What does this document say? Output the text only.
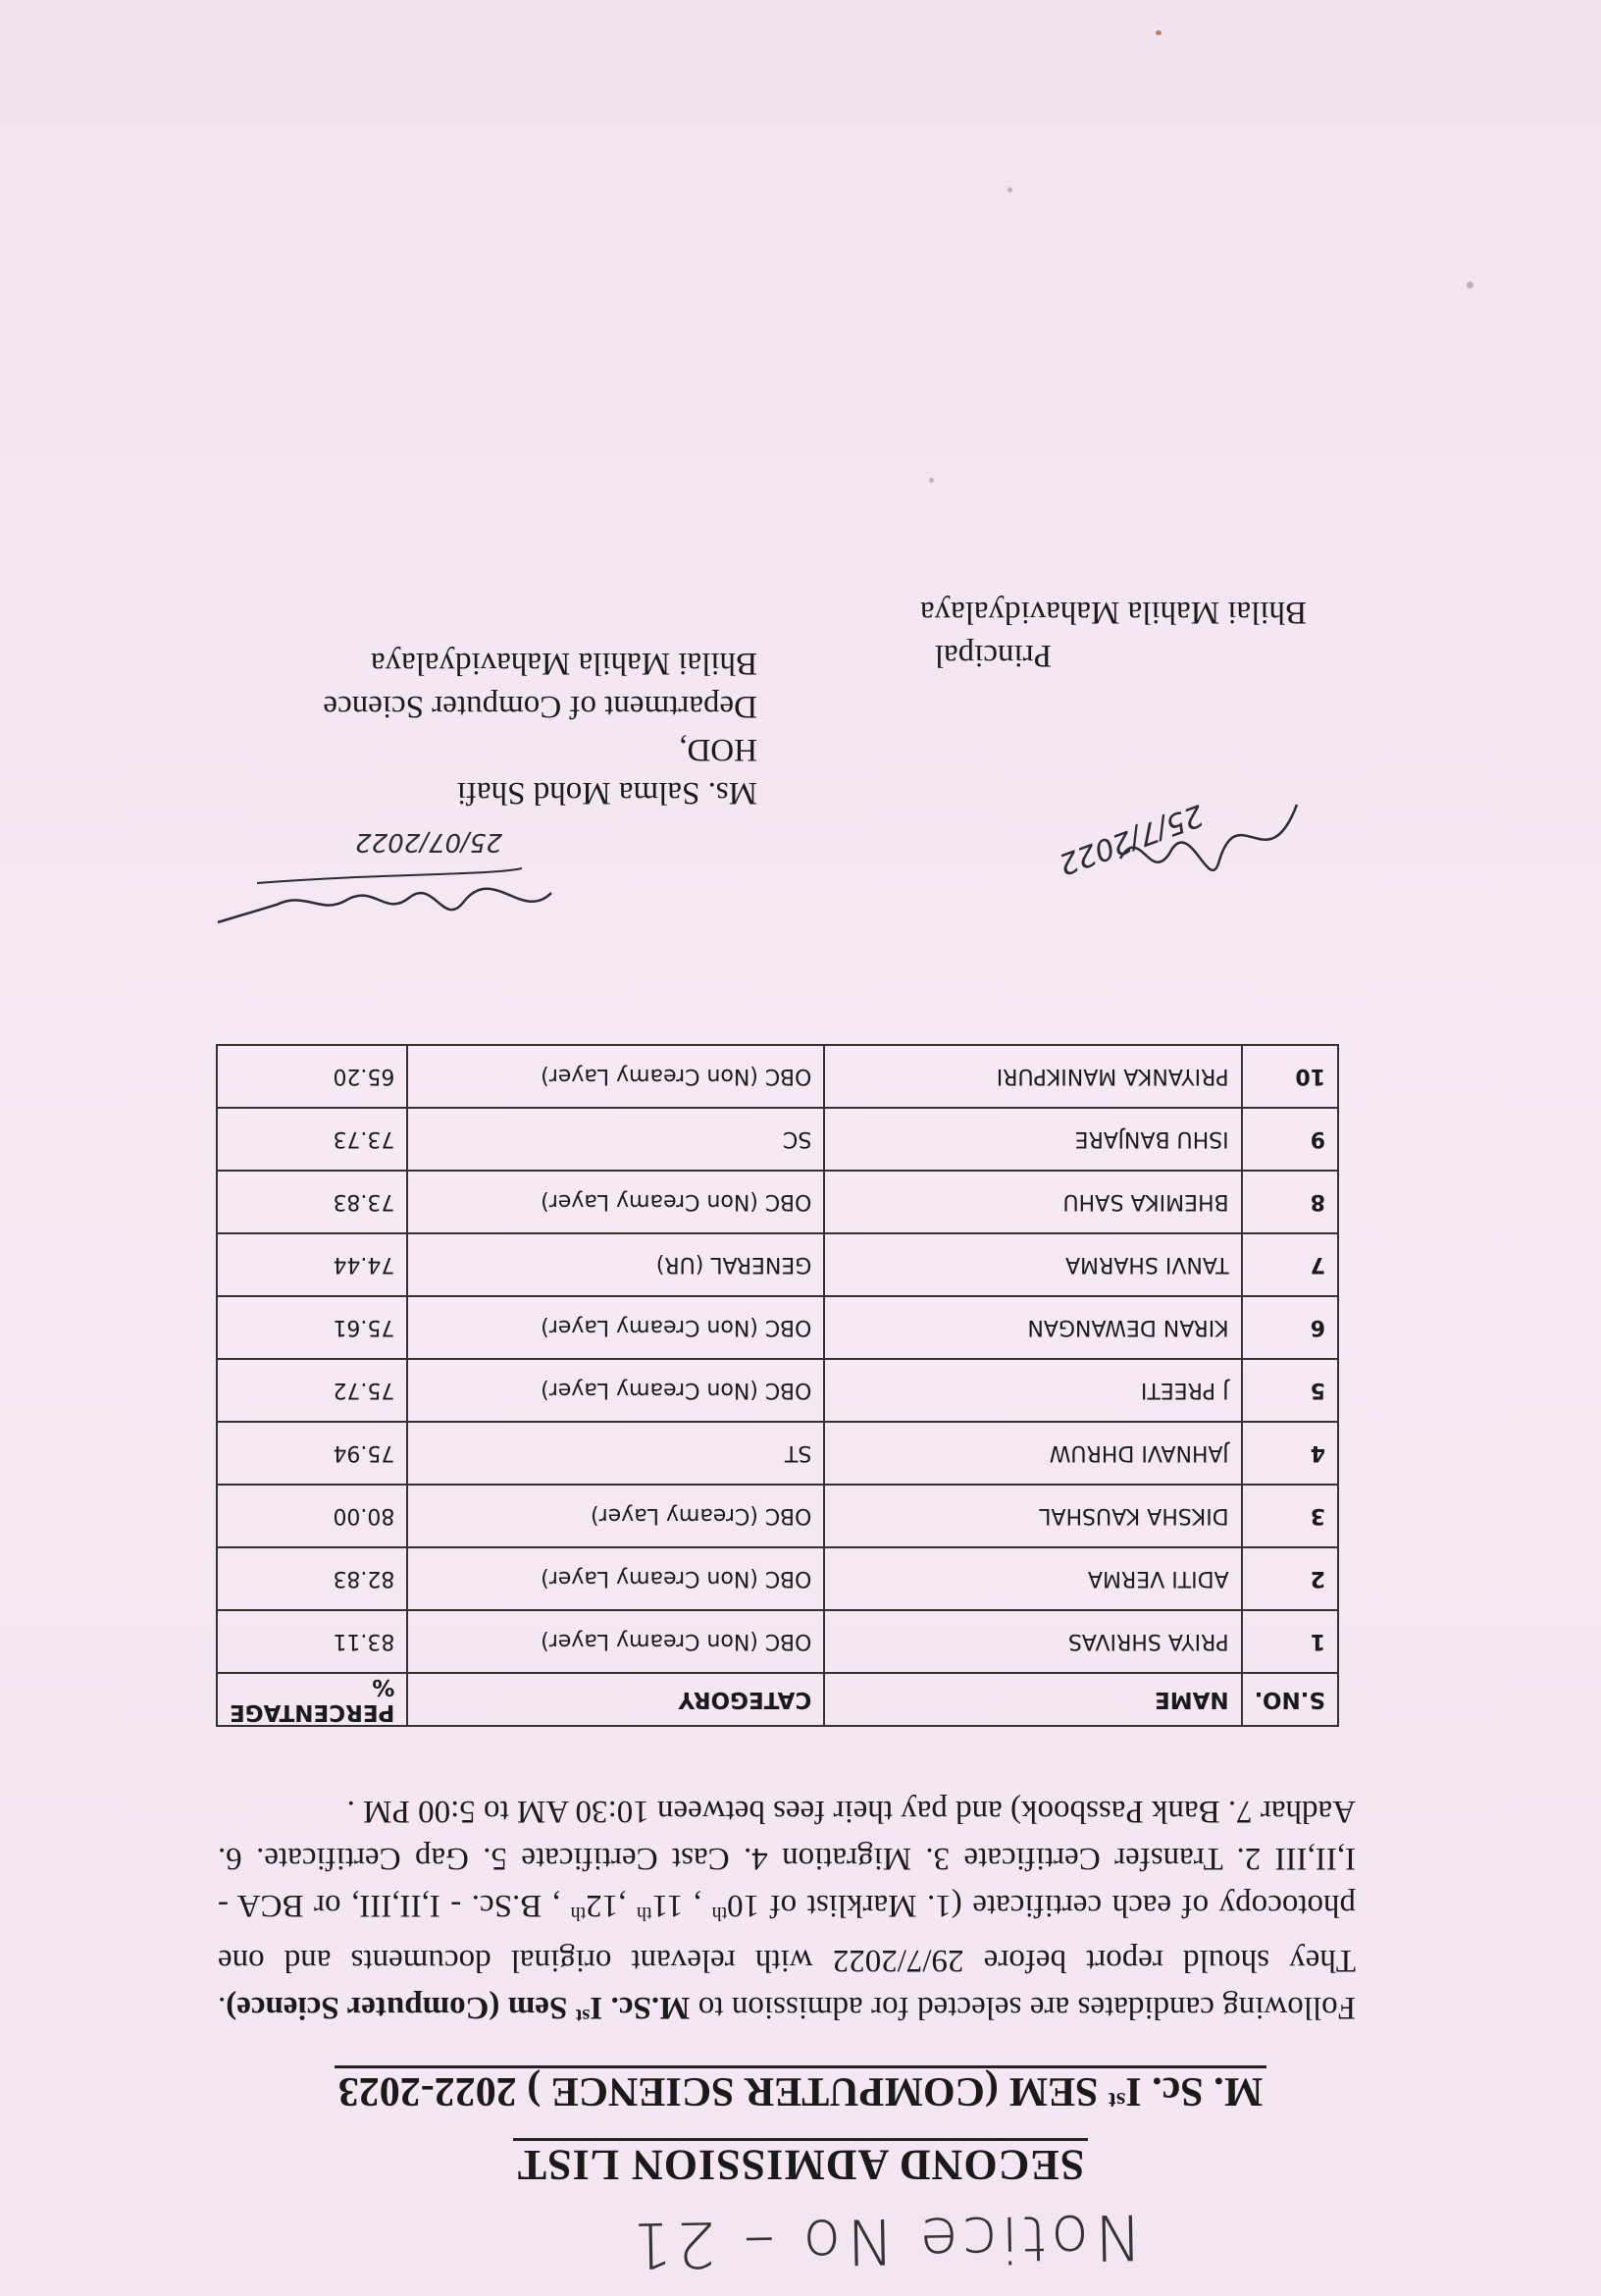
Notice No – 21
SECOND ADMISSION LIST
M. Sc. Ist SEM (COMPUTER SCIENCE ) 2022-2023
Following candidates are selected for admission to M.Sc. Ist Sem (Computer Science). They should report before 29/7/2022 with relevant original documents and one photocopy of each certificate (1. Marklist of 10th , 11th ,12th , B.Sc. - I,II,III, or BCA - I,II,III 2. Transfer Certificate 3. Migration 4. Cast Certificate 5. Gap Certificate. 6. Aadhar 7. Bank Passbook) and pay their fees between 10:30 AM to 5:00 PM .
S.NO.	NAME	CATEGORY	PERCENTAGE %
1	PRIYA SHRIVAS	OBC (Non Creamy Layer)	83.11
2	ADITI VERMA	OBC (Non Creamy Layer)	82.83
3	DIKSHA KAUSHAL	OBC (Creamy Layer)	80.00
4	JAHNAVI DHRUW	ST	75.94
5	J PREETI	OBC (Non Creamy Layer)	75.72
6	KIRAN DEWANGAN	OBC (Non Creamy Layer)	75.61
7	TANVI SHARMA	GENERAL (UR)	74.44
8	BHEMIKA SAHU	OBC (Non Creamy Layer)	73.83
9	ISHU BANJARE	SC	73.73
10	PRIYANKA MANIKPURI	OBC (Non Creamy Layer)	65.20
25/07/2022	25/7/2022
Ms. Salma Mohd Shafi
HOD,
Department of Computer Science
Bhilai Mahila Mahavidyalaya	Principal
Bhilai Mahila Mahavidyalaya
